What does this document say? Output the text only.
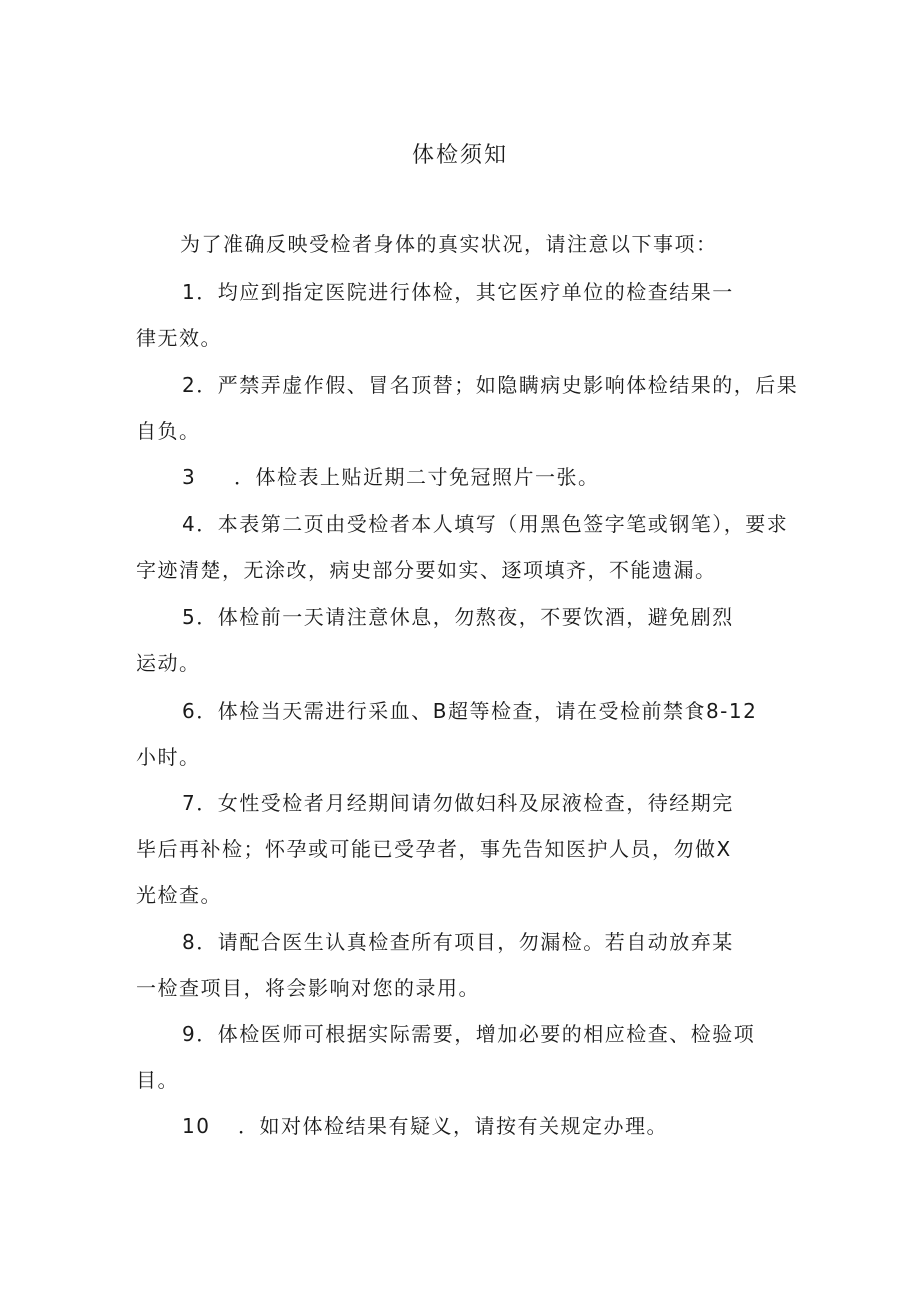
体检须知
为了准确反映受检者身体的真实状况，请注意以下事项：
1．均应到指定医院进行体检，其它医疗单位的检查结果一
律无效。
2．严禁弄虚作假、冒名顶替；如隐瞒病史影响体检结果的，后果
自负。
3 ．体检表上贴近期二寸免冠照片一张。
4．本表第二页由受检者本人填写（用黑色签字笔或钢笔），要求
字迹清楚，无涂改，病史部分要如实、逐项填齐，不能遗漏。
5．体检前一天请注意休息，勿熬夜，不要饮酒，避免剧烈
运动。
6．体检当天需进行采血、B超等检查，请在受检前禁食8-12
小时。
7．女性受检者月经期间请勿做妇科及尿液检查，待经期完
毕后再补检；怀孕或可能已受孕者，事先告知医护人员，勿做X
光检查。
8．请配合医生认真检查所有项目，勿漏检。若自动放弃某
一检查项目，将会影响对您的录用。
9．体检医师可根据实际需要，增加必要的相应检查、检验项
目。
10 ．如对体检结果有疑义，请按有关规定办理。
